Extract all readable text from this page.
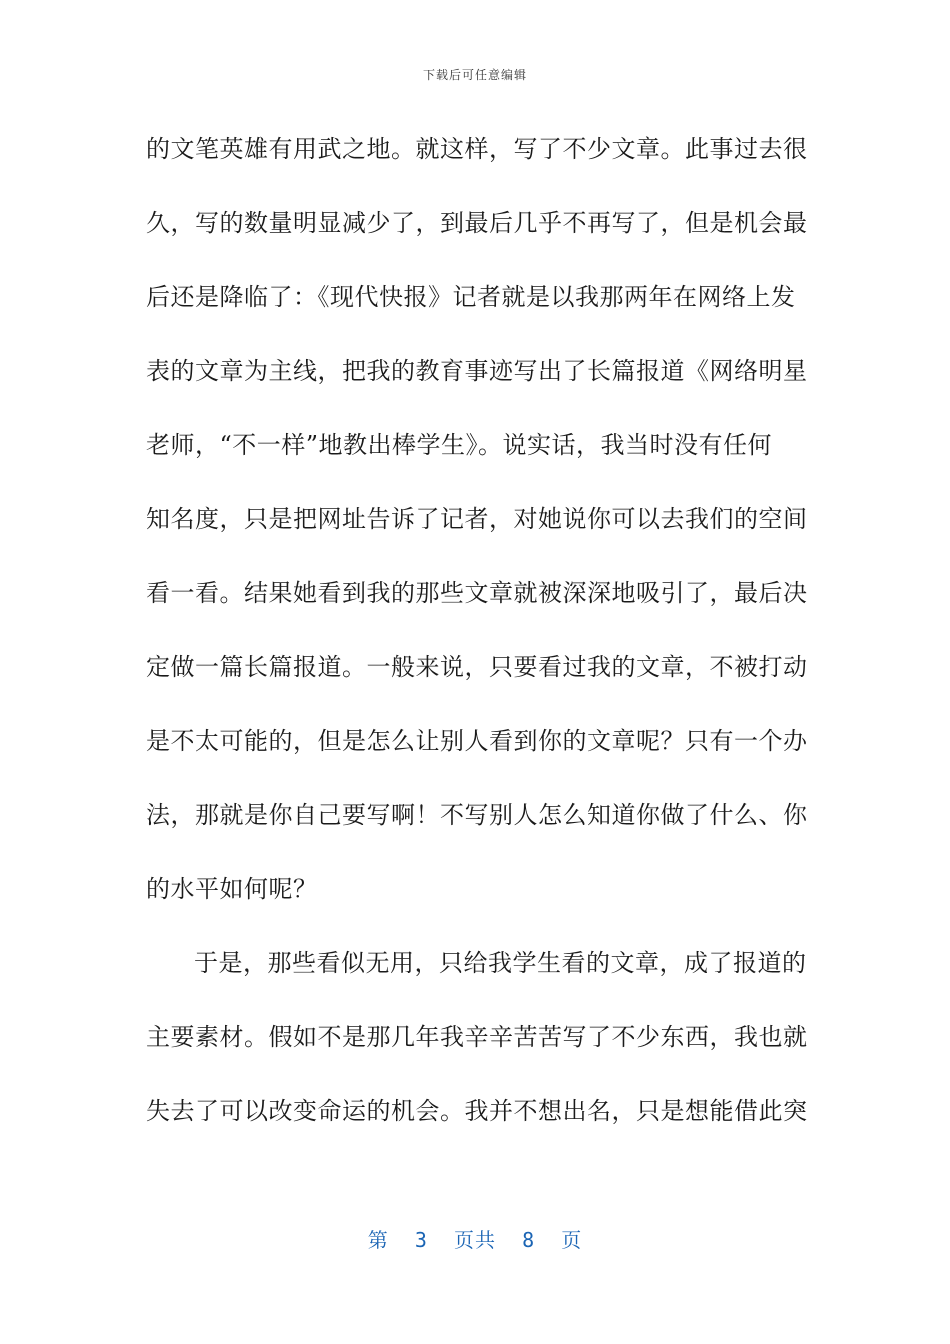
下载后可任意编辑
的文笔英雄有用武之地。就这样，写了不少文章。此事过去很
久，写的数量明显减少了，到最后几乎不再写了，但是机会最
后还是降临了：《现代快报》记者就是以我那两年在网络上发
表的文章为主线，把我的教育事迹写出了长篇报道《网络明星
老师，“不一样”地教出棒学生》。说实话，我当时没有任何
知名度，只是把网址告诉了记者，对她说你可以去我们的空间
看一看。结果她看到我的那些文章就被深深地吸引了，最后决
定做一篇长篇报道。一般来说，只要看过我的文章，不被打动
是不太可能的，但是怎么让别人看到你的文章呢？只有一个办
法，那就是你自己要写啊！不写别人怎么知道你做了什么、你
的水平如何呢？
于是，那些看似无用，只给我学生看的文章，成了报道的
主要素材。假如不是那几年我辛辛苦苦写了不少东西，我也就
失去了可以改变命运的机会。我并不想出名，只是想能借此突
第  3  页共  8  页
